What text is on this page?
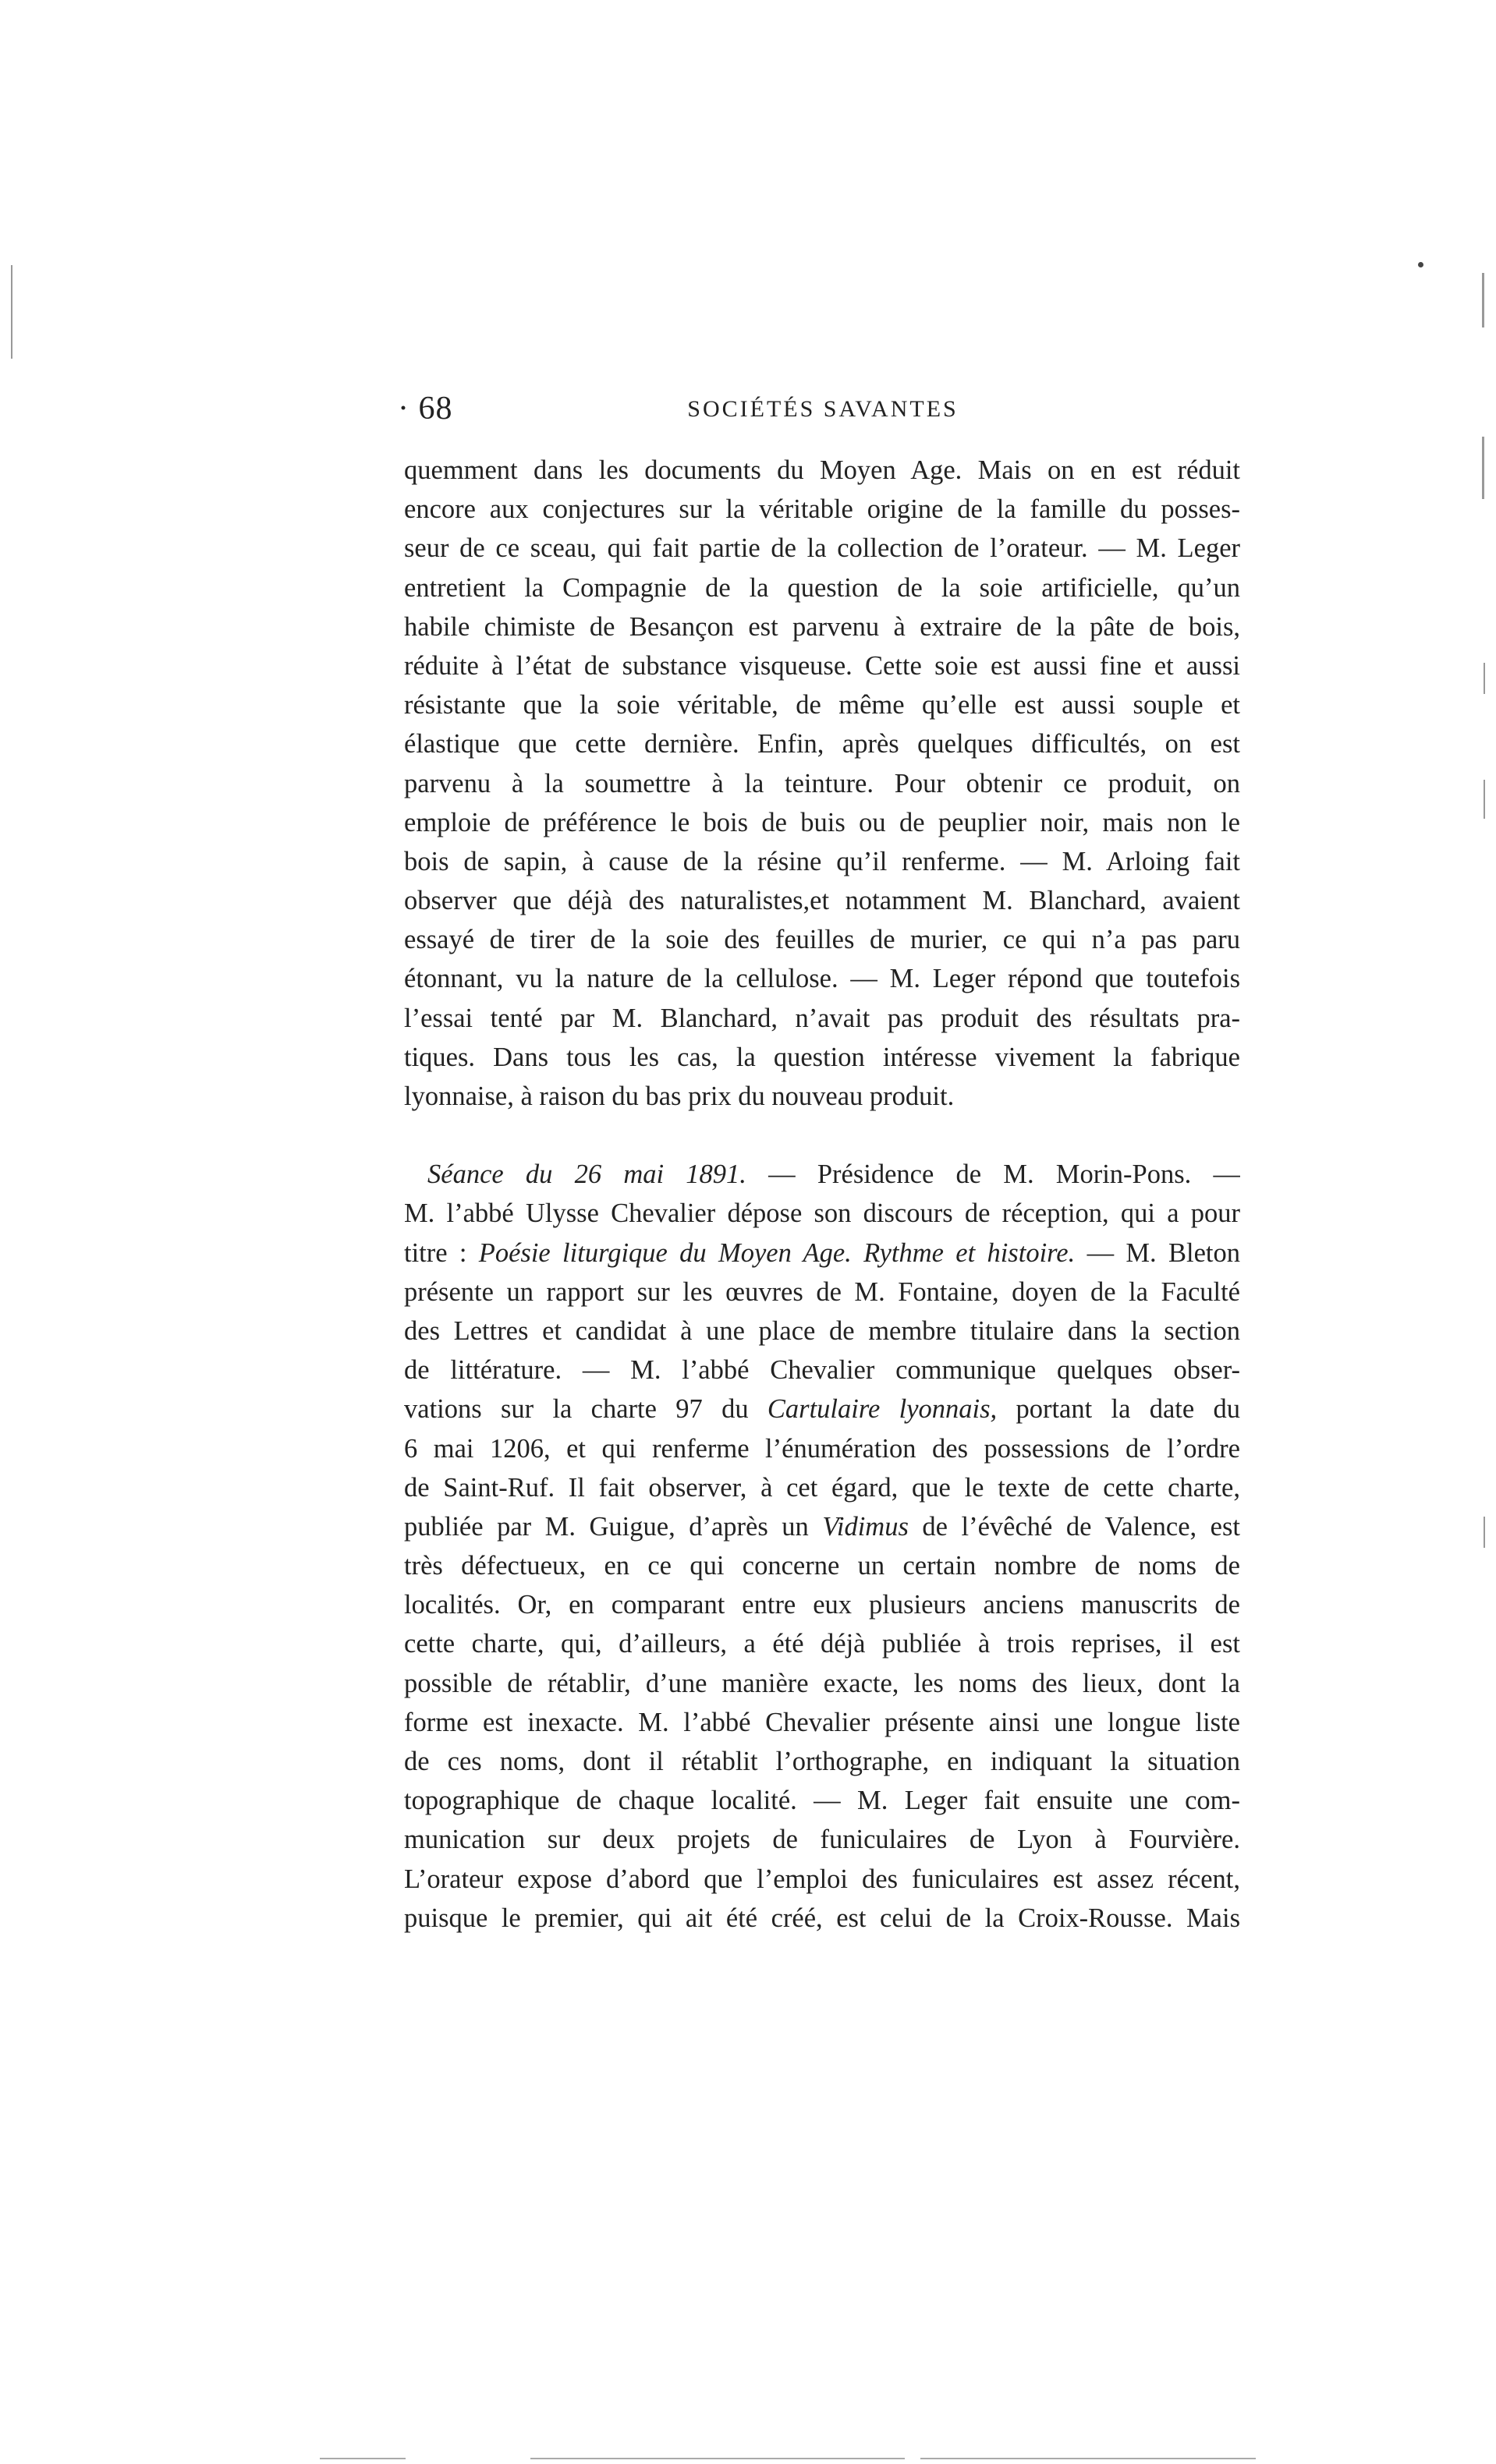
· 68	SOCIÉTÉS SAVANTES
quemment dans les documents du Moyen Age. Mais on en est réduit
encore aux conjectures sur la véritable origine de la famille du posses-
seur de ce sceau, qui fait partie de la collection de l’orateur. — M. Leger
entretient la Compagnie de la question de la soie artificielle, qu’un
habile chimiste de Besançon est parvenu à extraire de la pâte de bois,
réduite à l’état de substance visqueuse. Cette soie est aussi fine et aussi
résistante que la soie véritable, de même qu’elle est aussi souple et
élastique que cette dernière. Enfin, après quelques difficultés, on est
parvenu à la soumettre à la teinture. Pour obtenir ce produit, on
emploie de préférence le bois de buis ou de peuplier noir, mais non le
bois de sapin, à cause de la résine qu’il renferme. — M. Arloing fait
observer que déjà des naturalistes,et notamment M. Blanchard, avaient
essayé de tirer de la soie des feuilles de murier, ce qui n’a pas paru
étonnant, vu la nature de la cellulose. — M. Leger répond que toutefois
l’essai tenté par M. Blanchard, n’avait pas produit des résultats pra-
tiques. Dans tous les cas, la question intéresse vivement la fabrique
lyonnaise, à raison du bas prix du nouveau produit.
Séance du 26 mai 1891. — Présidence de M. Morin-Pons. —
M. l’abbé Ulysse Chevalier dépose son discours de réception, qui a pour
titre : Poésie liturgique du Moyen Age. Rythme et histoire. — M. Bleton
présente un rapport sur les œuvres de M. Fontaine, doyen de la Faculté
des Lettres et candidat à une place de membre titulaire dans la section
de littérature. — M. l’abbé Chevalier communique quelques obser-
vations sur la charte 97 du Cartulaire lyonnais, portant la date du
6 mai 1206, et qui renferme l’énumération des possessions de l’ordre
de Saint-Ruf. Il fait observer, à cet égard, que le texte de cette charte,
publiée par M. Guigue, d’après un Vidimus de l’évêché de Valence, est
très défectueux, en ce qui concerne un certain nombre de noms de
localités. Or, en comparant entre eux plusieurs anciens manuscrits de
cette charte, qui, d’ailleurs, a été déjà publiée à trois reprises, il est
possible de rétablir, d’une manière exacte, les noms des lieux, dont la
forme est inexacte. M. l’abbé Chevalier présente ainsi une longue liste
de ces noms, dont il rétablit l’orthographe, en indiquant la situation
topographique de chaque localité. — M. Leger fait ensuite une com-
munication sur deux projets de funiculaires de Lyon à Fourvière.
L’orateur expose d’abord que l’emploi des funiculaires est assez récent,
puisque le premier, qui ait été créé, est celui de la Croix-Rousse. Mais
